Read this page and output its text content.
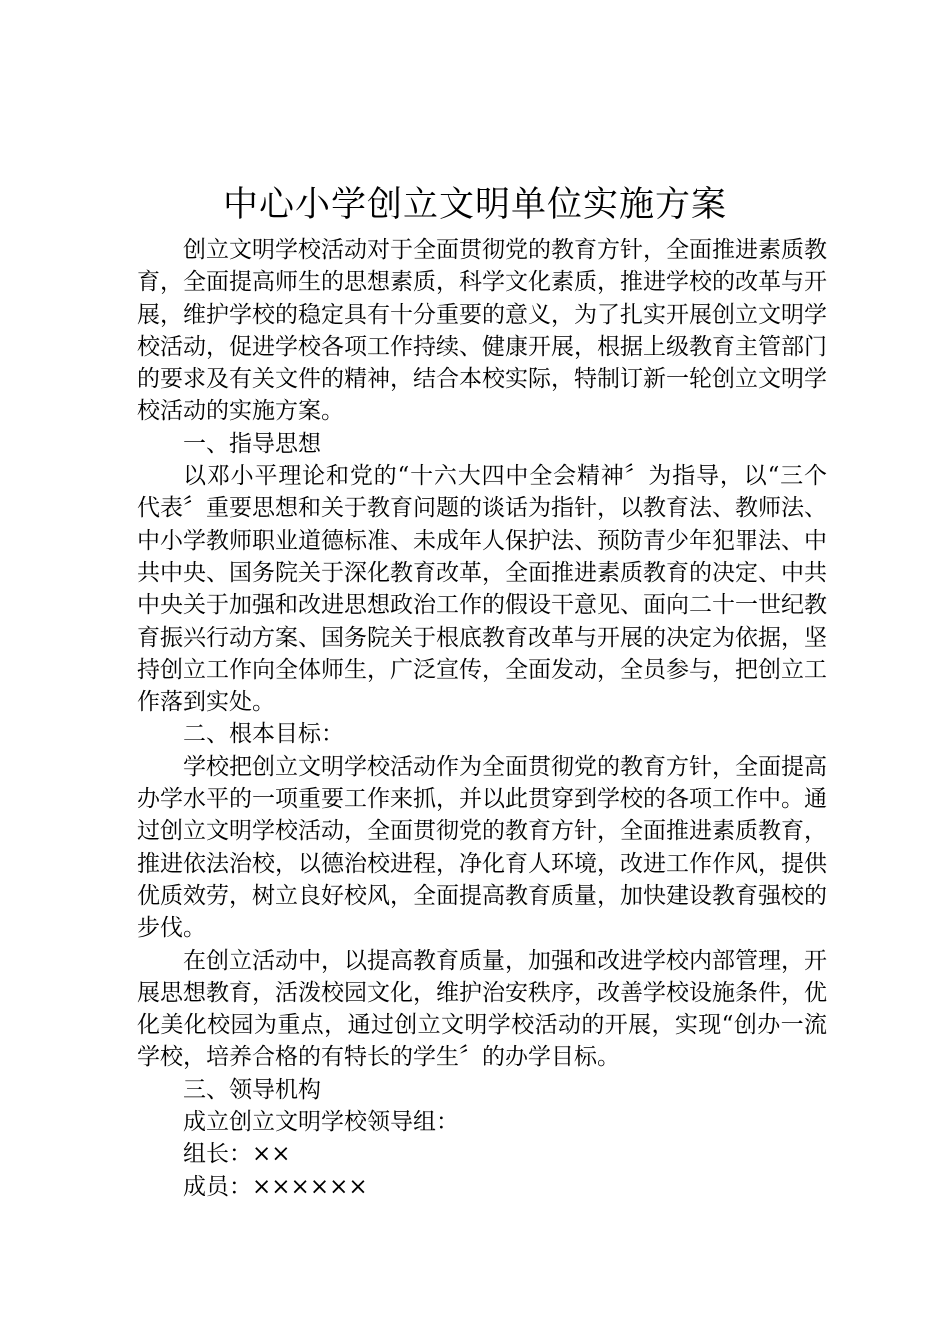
中心小学创立文明单位实施方案

创立文明学校活动对于全面贯彻党的教育方针，全面推进素质教育，全面提高师生的思想素质，科学文化素质，推进学校的改革与开展，维护学校的稳定具有十分重要的意义，为了扎实开展创立文明学校活动，促进学校各项工作持续、健康开展，根据上级教育主管部门的要求及有关文件的精神，结合本校实际，特制订新一轮创立文明学校活动的实施方案。

一、指导思想

以邓小平理论和党的“十六大四中全会精神〞为指导，以“三个代表〞重要思想和关于教育问题的谈话为指针，以教育法、教师法、中小学教师职业道德标准、未成年人保护法、预防青少年犯罪法、中共中央、国务院关于深化教育改革，全面推进素质教育的决定、中共中央关于加强和改进思想政治工作的假设干意见、面向二十一世纪教育振兴行动方案、国务院关于根底教育改革与开展的决定为依据，坚持创立工作向全体师生，广泛宣传，全面发动，全员参与，把创立工作落到实处。

二、根本目标：

学校把创立文明学校活动作为全面贯彻党的教育方针，全面提高办学水平的一项重要工作来抓，并以此贯穿到学校的各项工作中。通过创立文明学校活动，全面贯彻党的教育方针，全面推进素质教育，推进依法治校，以德治校进程，净化育人环境，改进工作作风，提供优质效劳，树立良好校风，全面提高教育质量，加快建设教育强校的步伐。

在创立活动中，以提高教育质量，加强和改进学校内部管理，开展思想教育，活泼校园文化，维护治安秩序，改善学校设施条件，优化美化校园为重点，通过创立文明学校活动的开展，实现“创办一流学校，培养合格的有特长的学生〞的办学目标。

三、领导机构

成立创立文明学校领导组：

组长：××

成员：××××××
